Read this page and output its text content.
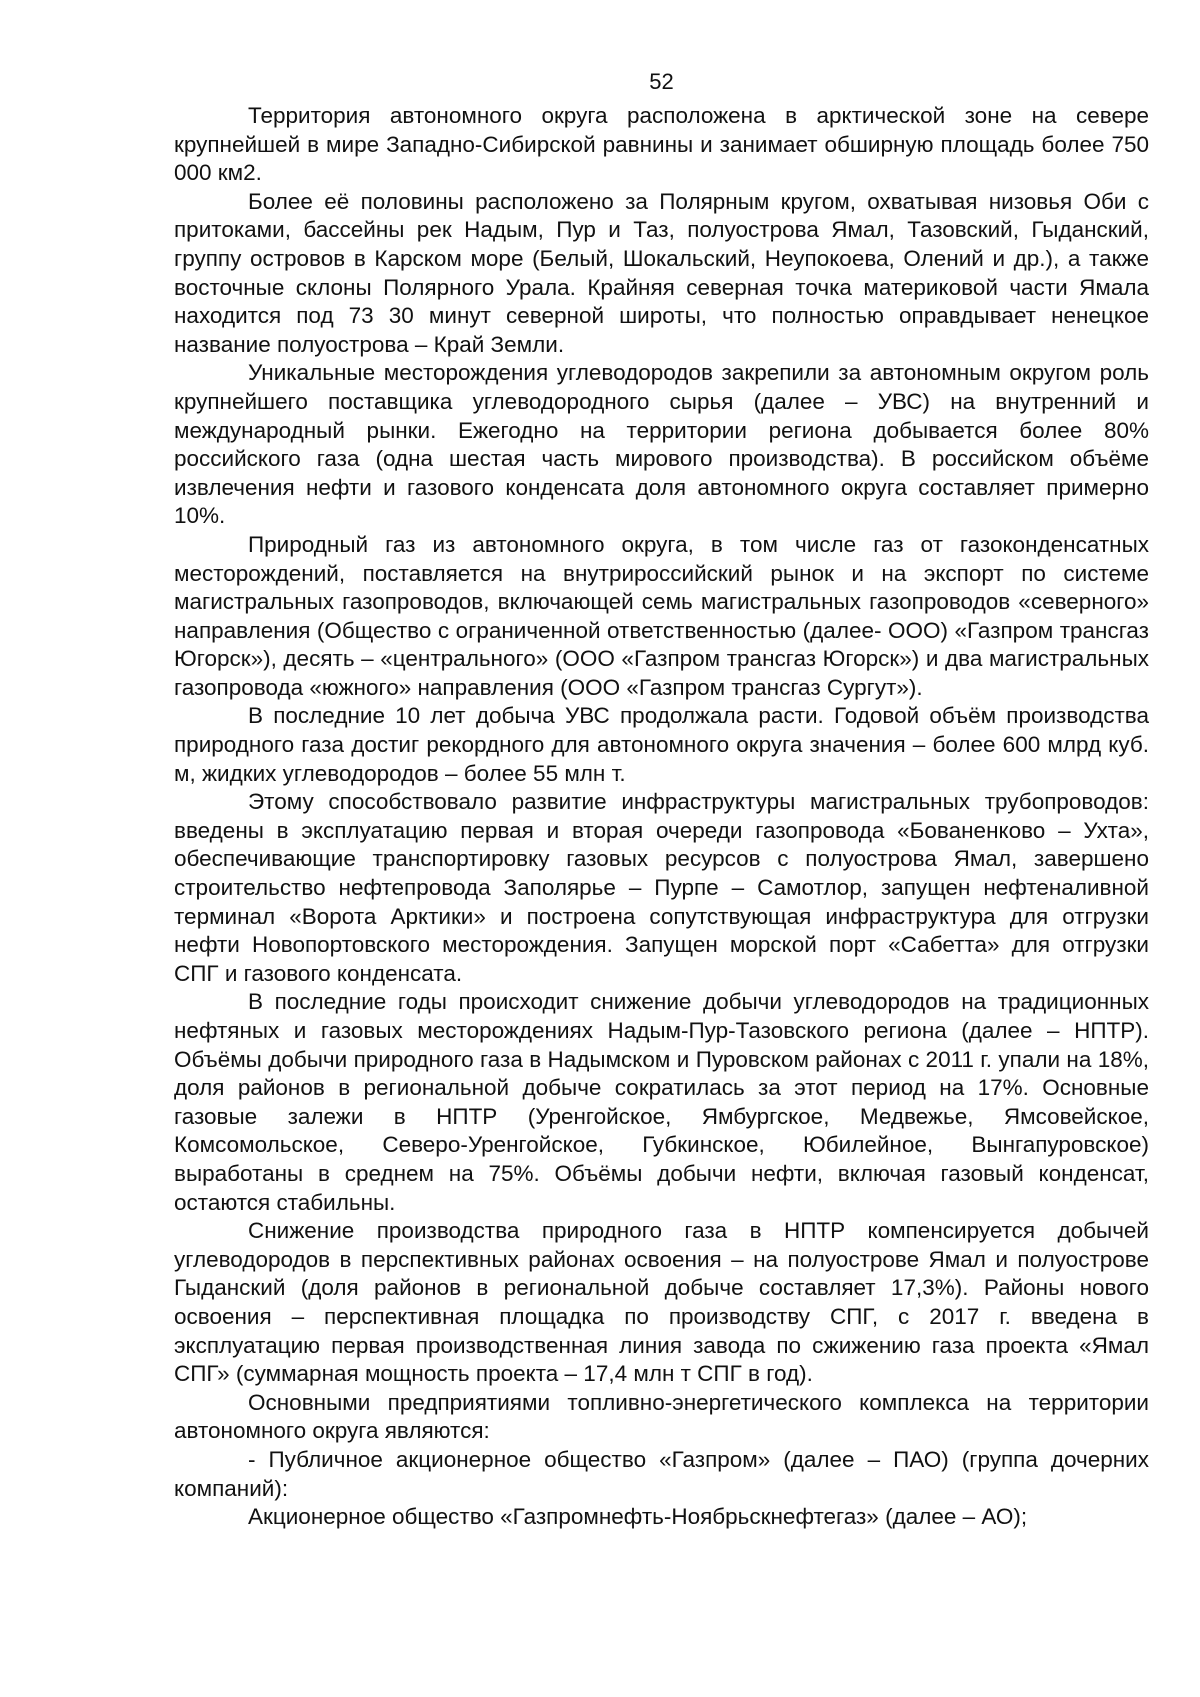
52

Территория автономного округа расположена в арктической зоне на севере крупнейшей в мире Западно-Сибирской равнины и занимает обширную площадь более 750 000 км2.

Более её половины расположено за Полярным кругом, охватывая низовья Оби с притоками, бассейны рек Надым, Пур и Таз, полуострова Ямал, Тазовский, Гыданский, группу островов в Карском море (Белый, Шокальский, Неупокоева, Олений и др.), а также восточные склоны Полярного Урала. Крайняя северная точка материковой части Ямала находится под 73 30 минут северной широты, что полностью оправдывает ненецкое название полуострова – Край Земли.

Уникальные месторождения углеводородов закрепили за автономным округом роль крупнейшего поставщика углеводородного сырья (далее – УВС) на внутренний и международный рынки. Ежегодно на территории региона добывается более 80% российского газа (одна шестая часть мирового производства). В российском объёме извлечения нефти и газового конденсата доля автономного округа составляет примерно 10%.

Природный газ из автономного округа, в том числе газ от газоконденсатных месторождений, поставляется на внутрироссийский рынок и на экспорт по системе магистральных газопроводов, включающей семь магистральных газопроводов «северного» направления (Общество с ограниченной ответственностью (далее- ООО) «Газпром трансгаз Югорск»), десять – «центрального» (ООО «Газпром трансгаз Югорск») и два магистральных газопровода «южного» направления (ООО «Газпром трансгаз Сургут»).

В последние 10 лет добыча УВС продолжала расти. Годовой объём производства природного газа достиг рекордного для автономного округа значения – более 600 млрд куб. м, жидких углеводородов – более 55 млн т.

Этому способствовало развитие инфраструктуры магистральных трубопроводов: введены в эксплуатацию первая и вторая очереди газопровода «Бованенково – Ухта», обеспечивающие транспортировку газовых ресурсов с полуострова Ямал, завершено строительство нефтепровода Заполярье – Пурпе – Самотлор, запущен нефтеналивной терминал «Ворота Арктики» и построена сопутствующая инфраструктура для отгрузки нефти Новопортовского месторождения. Запущен морской порт «Сабетта» для отгрузки СПГ и газового конденсата.

В последние годы происходит снижение добычи углеводородов на традиционных нефтяных и газовых месторождениях Надым-Пур-Тазовского региона (далее – НПТР). Объёмы добычи природного газа в Надымском и Пуровском районах с 2011 г. упали на 18%, доля районов в региональной добыче сократилась за этот период на 17%. Основные газовые залежи в НПТР (Уренгойское, Ямбургское, Медвежье, Ямсовейское, Комсомольское, Северо-Уренгойское, Губкинское, Юбилейное, Вынгапуровское) выработаны в среднем на 75%. Объёмы добычи нефти, включая газовый конденсат, остаются стабильны.

Снижение производства природного газа в НПТР компенсируется добычей углеводородов в перспективных районах освоения – на полуострове Ямал и полуострове Гыданский (доля районов в региональной добыче составляет 17,3%). Районы нового освоения – перспективная площадка по производству СПГ, с 2017 г. введена в эксплуатацию первая производственная линия завода по сжижению газа проекта «Ямал СПГ» (суммарная мощность проекта – 17,4 млн т СПГ в год).

Основными предприятиями топливно-энергетического комплекса на территории автономного округа являются:

- Публичное акционерное общество «Газпром» (далее – ПАО) (группа дочерних компаний):

Акционерное общество «Газпромнефть-Ноябрьскнефтегаз» (далее – АО);
